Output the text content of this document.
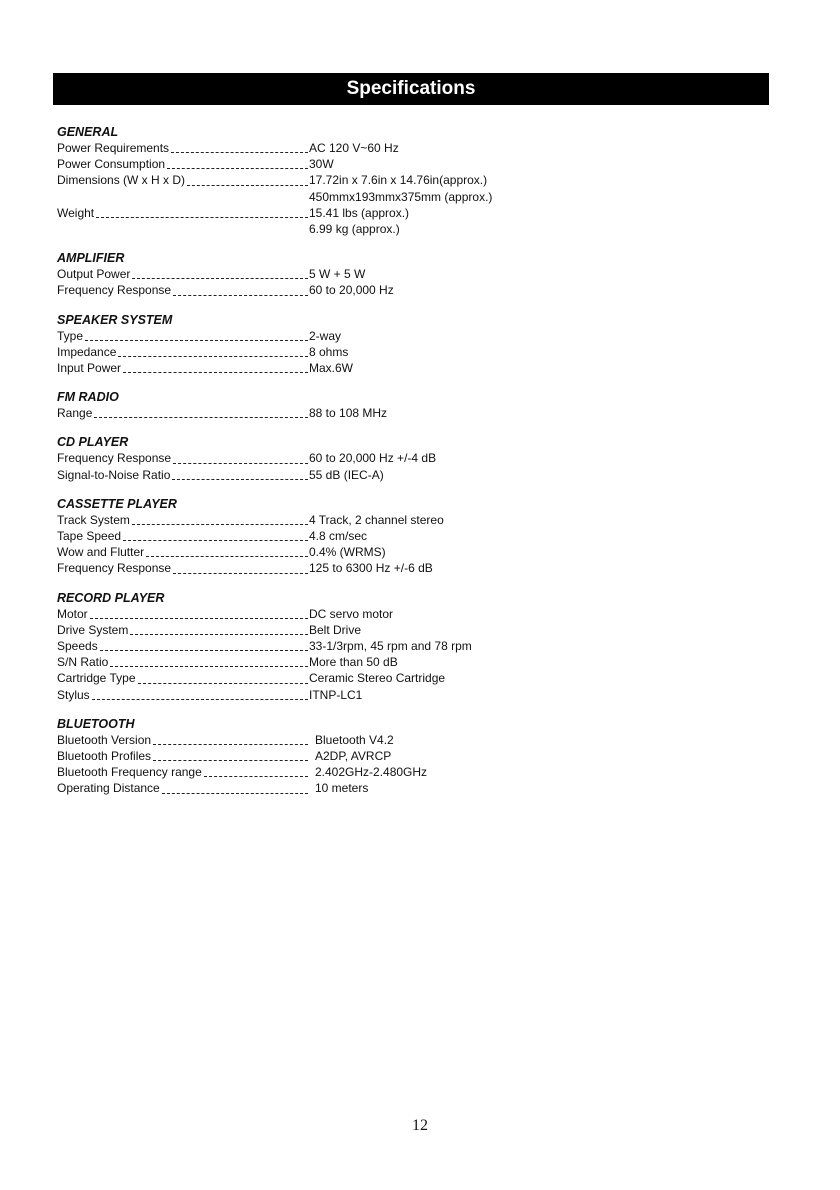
Specifications
GENERAL
Power Requirements	AC 120 V~60 Hz
Power Consumption	30W
Dimensions (W x H x D)	17.72in x 7.6in x 14.76in(approx.)
450mmx193mmx375mm (approx.)
Weight	15.41 lbs (approx.)
6.99 kg (approx.)
AMPLIFIER
Output Power	5 W + 5 W
Frequency Response	60 to 20,000 Hz
SPEAKER SYSTEM
Type	2-way
Impedance	8 ohms
Input Power	Max.6W
FM RADIO
Range	88 to 108 MHz
CD PLAYER
Frequency Response	60 to 20,000 Hz +/-4 dB
Signal-to-Noise Ratio	55 dB (IEC-A)
CASSETTE PLAYER
Track System	4 Track, 2 channel stereo
Tape Speed	4.8 cm/sec
Wow and Flutter	0.4% (WRMS)
Frequency Response	125 to 6300 Hz +/-6 dB
RECORD PLAYER
Motor	DC servo motor
Drive System	Belt Drive
Speeds	33-1/3rpm, 45 rpm and 78 rpm
S/N Ratio	More than 50 dB
Cartridge Type	Ceramic Stereo Cartridge
Stylus	ITNP-LC1
BLUETOOTH
Bluetooth Version	Bluetooth V4.2
Bluetooth Profiles	A2DP, AVRCP
Bluetooth Frequency range	2.402GHz-2.480GHz
Operating Distance	10 meters
12
